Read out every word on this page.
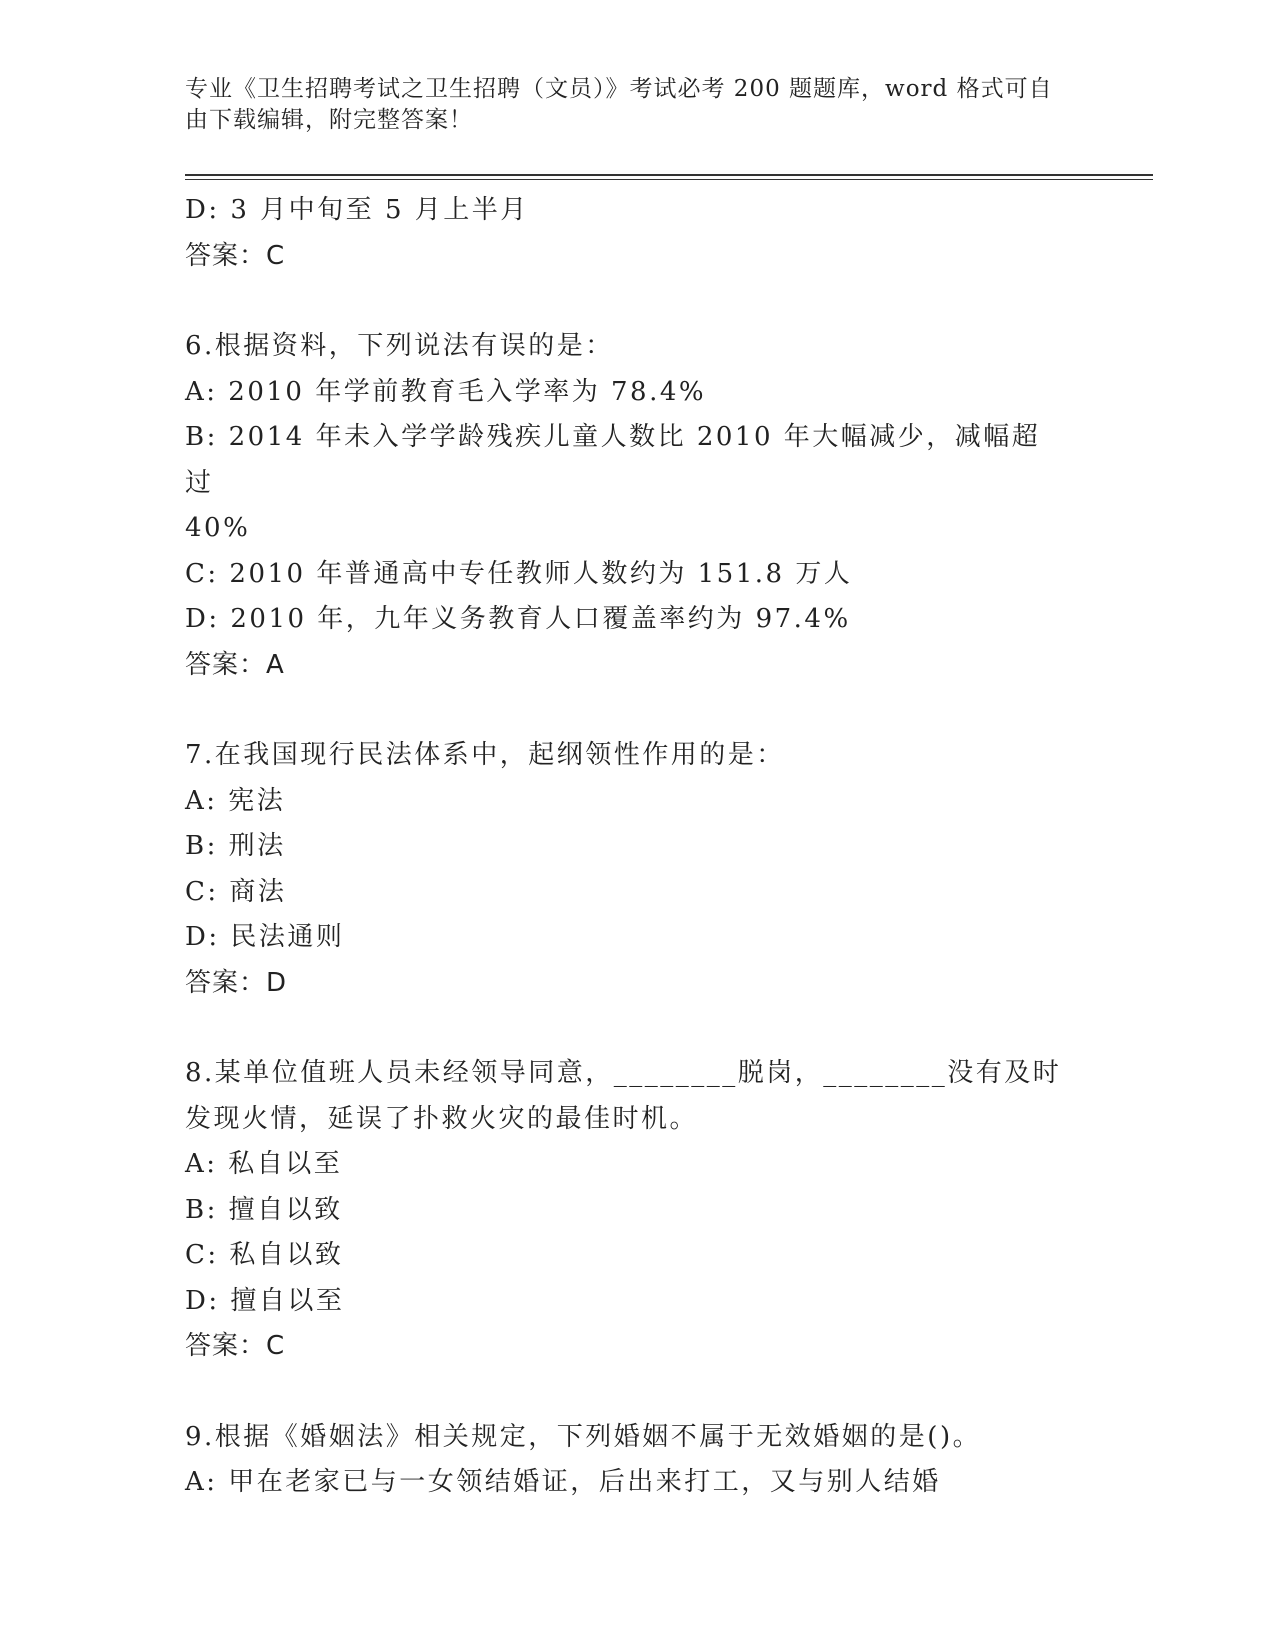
专业《卫生招聘考试之卫生招聘（文员）》考试必考 200 题题库，word 格式可自
由下载编辑，附完整答案！
D: 3 月中旬至 5 月上半月
答案：C
6.根据资料，下列说法有误的是：
A: 2010 年学前教育毛入学率为 78.4%
B: 2014 年未入学学龄残疾儿童人数比 2010 年大幅减少，减幅超过
40%
C: 2010 年普通高中专任教师人数约为 151.8 万人
D: 2010 年，九年义务教育人口覆盖率约为 97.4%
答案：A
7.在我国现行民法体系中，起纲领性作用的是：
A: 宪法
B: 刑法
C: 商法
D: 民法通则
答案：D
8.某单位值班人员未经领导同意，________脱岗，________没有及时
发现火情，延误了扑救火灾的最佳时机。
A: 私自以至
B: 擅自以致
C: 私自以致
D: 擅自以至
答案：C
9.根据《婚姻法》相关规定，下列婚姻不属于无效婚姻的是()。
A: 甲在老家已与一女领结婚证，后出来打工，又与别人结婚
